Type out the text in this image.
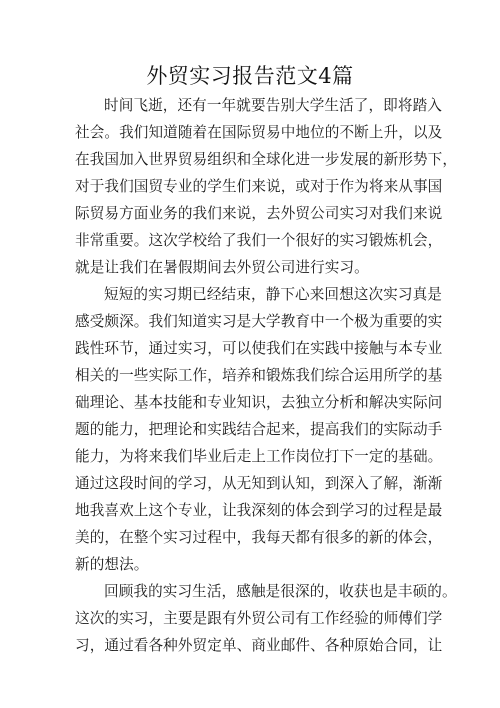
外贸实习报告范文4篇
时间飞逝，还有一年就要告别大学生活了，即将踏入
社会。我们知道随着在国际贸易中地位的不断上升，以及
在我国加入世界贸易组织和全球化进一步发展的新形势下，
对于我们国贸专业的学生们来说，或对于作为将来从事国
际贸易方面业务的我们来说，去外贸公司实习对我们来说
非常重要。这次学校给了我们一个很好的实习锻炼机会，
就是让我们在暑假期间去外贸公司进行实习。
短短的实习期已经结束，静下心来回想这次实习真是
感受颇深。我们知道实习是大学教育中一个极为重要的实
践性环节，通过实习，可以使我们在实践中接触与本专业
相关的一些实际工作，培养和锻炼我们综合运用所学的基
础理论、基本技能和专业知识，去独立分析和解决实际问
题的能力，把理论和实践结合起来，提高我们的实际动手
能力，为将来我们毕业后走上工作岗位打下一定的基础。
通过这段时间的学习，从无知到认知，到深入了解，渐渐
地我喜欢上这个专业，让我深刻的体会到学习的过程是最
美的，在整个实习过程中，我每天都有很多的新的体会，
新的想法。
回顾我的实习生活，感触是很深的，收获也是丰硕的。
这次的实习，主要是跟有外贸公司有工作经验的师傅们学
习，通过看各种外贸定单、商业邮件、各种原始合同，让
